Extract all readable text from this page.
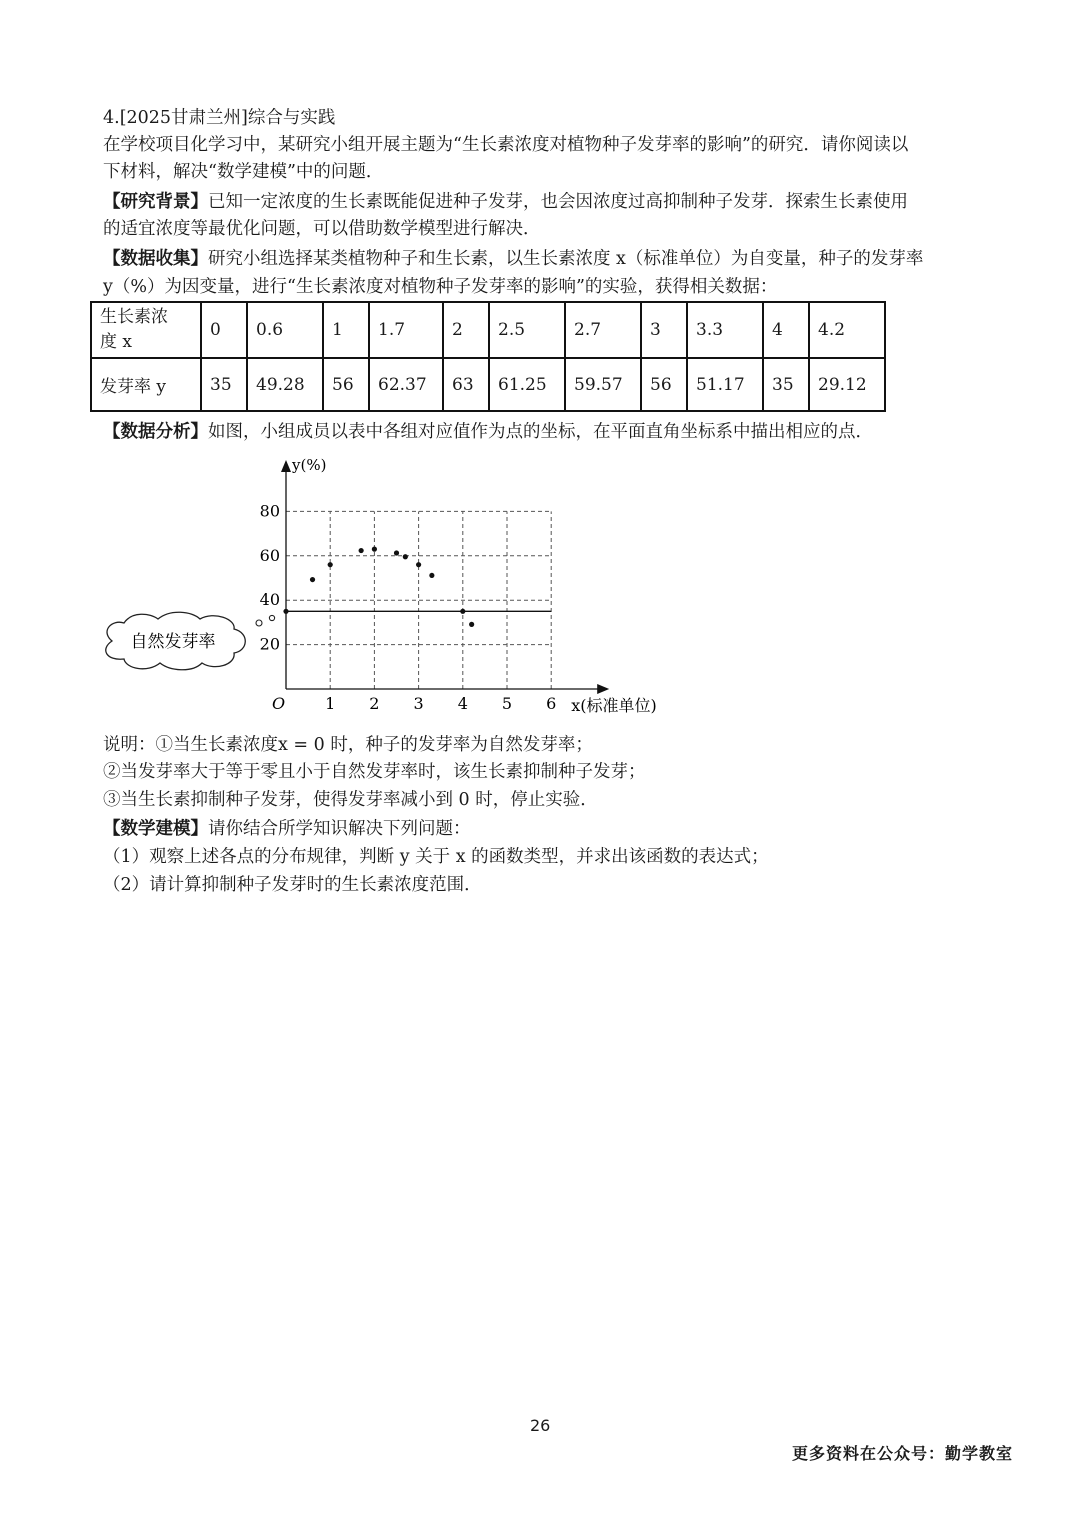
4.[2025甘肃兰州]综合与实践
在学校项目化学习中，某研究小组开展主题为“生长素浓度对植物种子发芽率的影响”的研究．请你阅读以
下材料，解决“数学建模”中的问题．
【研究背景】已知一定浓度的生长素既能促进种子发芽，也会因浓度过高抑制种子发芽．探索生长素使用
的适宜浓度等最优化问题，可以借助数学模型进行解决．
【数据收集】研究小组选择某类植物种子和生长素，以生长素浓度 x（标准单位）为自变量，种子的发芽率
y（%）为因变量，进行“生长素浓度对植物种子发芽率的影响”的实验，获得相关数据：
生长素浓
度 x	0	0.6	1	1.7	2	2.5	2.7	3	3.3	4	4.2
发芽率 y	35	49.28	56	62.37	63	61.25	59.57	56	51.17	35	29.12
【数据分析】如图，小组成员以表中各组对应值作为点的坐标，在平面直角坐标系中描出相应的点．
1 2 3 4 5 6
20
40
60
80
O
y(%)
x(标准单位)
自然发芽率
说明：①当生长素浓度x = 0 时，种子的发芽率为自然发芽率；
②当发芽率大于等于零且小于自然发芽率时，该生长素抑制种子发芽；
③当生长素抑制种子发芽，使得发芽率减小到 0 时，停止实验．
【数学建模】请你结合所学知识解决下列问题：
（1）观察上述各点的分布规律，判断 y 关于 x 的函数类型，并求出该函数的表达式；
（2）请计算抑制种子发芽时的生长素浓度范围．
26
更多资料在公众号：勤学教室
